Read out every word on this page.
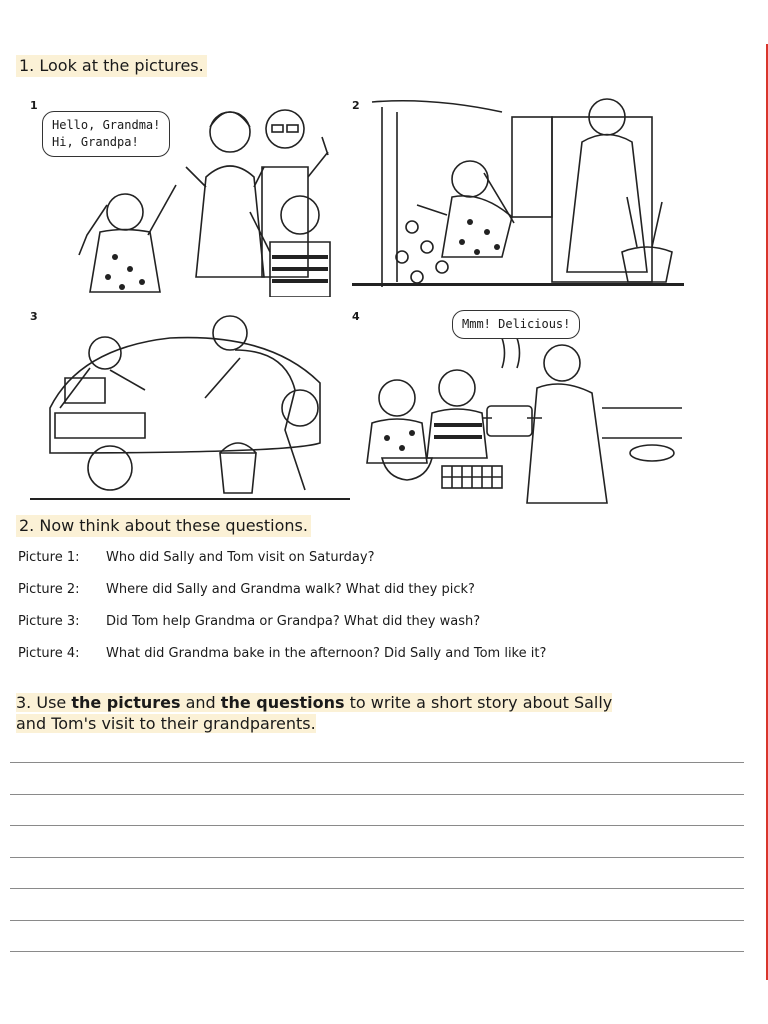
1. Look at the pictures.
1
Hello, Grandma!
Hi, Grandpa!
2
3	4
Mmm! Delicious!
2. Now think about these questions.
Picture 1: Who did Sally and Tom visit on Saturday?
Picture 2: Where did Sally and Grandma walk? What did they pick?
Picture 3: Did Tom help Grandma or Grandpa? What did they wash?
Picture 4: What did Grandma bake in the afternoon? Did Sally and Tom like it?
3. Use the pictures and the questions to write a short story about Sally
and Tom's visit to their grandparents.
